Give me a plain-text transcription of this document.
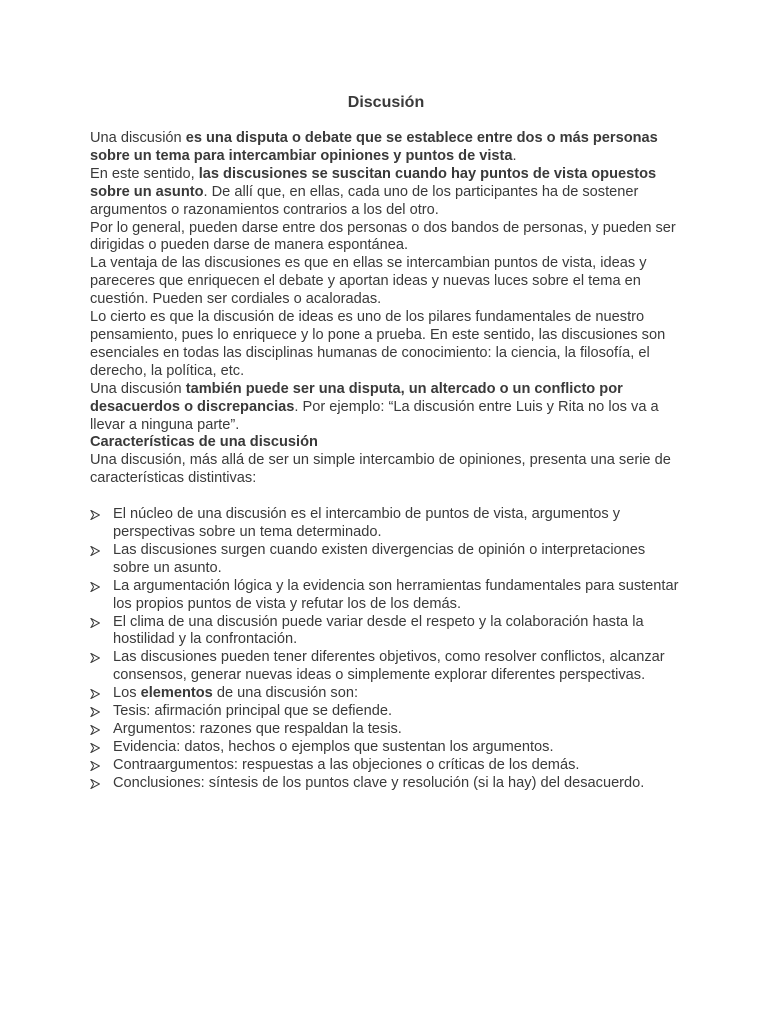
Discusión

Una discusión es una disputa o debate que se establece entre dos o más personas sobre un tema para intercambiar opiniones y puntos de vista.

En este sentido, las discusiones se suscitan cuando hay puntos de vista opuestos sobre un asunto. De allí que, en ellas, cada uno de los participantes ha de sostener argumentos o razonamientos contrarios a los del otro.

Por lo general, pueden darse entre dos personas o dos bandos de personas, y pueden ser dirigidas o pueden darse de manera espontánea.

La ventaja de las discusiones es que en ellas se intercambian puntos de vista, ideas y pareceres que enriquecen el debate y aportan ideas y nuevas luces sobre el tema en cuestión. Pueden ser cordiales o acaloradas.

Lo cierto es que la discusión de ideas es uno de los pilares fundamentales de nuestro pensamiento, pues lo enriquece y lo pone a prueba. En este sentido, las discusiones son esenciales en todas las disciplinas humanas de conocimiento: la ciencia, la filosofía, el derecho, la política, etc.

Una discusión también puede ser una disputa, un altercado o un conflicto por desacuerdos o discrepancias. Por ejemplo: “La discusión entre Luis y Rita no los va a llevar a ninguna parte”.

Características de una discusión

Una discusión, más allá de ser un simple intercambio de opiniones, presenta una serie de características distintivas:

El núcleo de una discusión es el intercambio de puntos de vista, argumentos y perspectivas sobre un tema determinado.
Las discusiones surgen cuando existen divergencias de opinión o interpretaciones sobre un asunto.
La argumentación lógica y la evidencia son herramientas fundamentales para sustentar los propios puntos de vista y refutar los de los demás.
El clima de una discusión puede variar desde el respeto y la colaboración hasta la hostilidad y la confrontación.
Las discusiones pueden tener diferentes objetivos, como resolver conflictos, alcanzar consensos, generar nuevas ideas o simplemente explorar diferentes perspectivas.
Los elementos de una discusión son:
Tesis: afirmación principal que se defiende.
Argumentos: razones que respaldan la tesis.
Evidencia: datos, hechos o ejemplos que sustentan los argumentos.
Contraargumentos: respuestas a las objeciones o críticas de los demás.
Conclusiones: síntesis de los puntos clave y resolución (si la hay) del desacuerdo.
